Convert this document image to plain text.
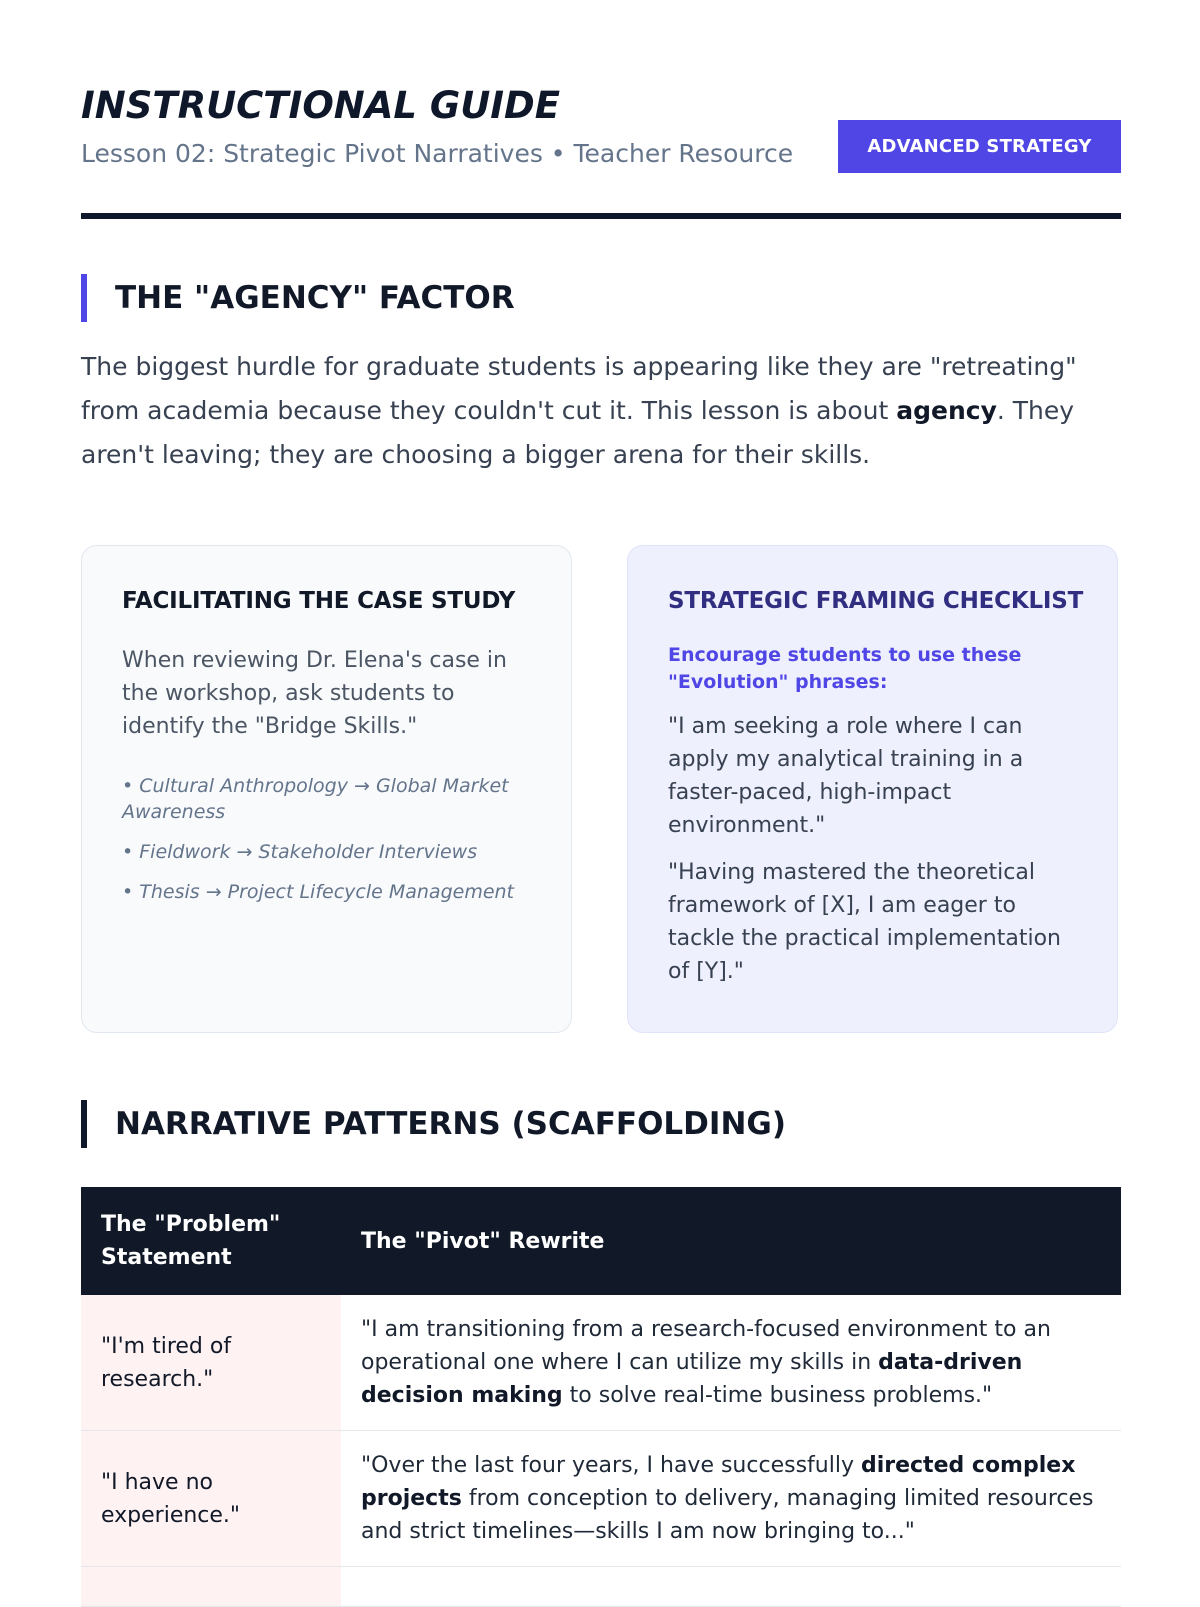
INSTRUCTIONAL GUIDE
Lesson 02: Strategic Pivot Narratives • Teacher Resource	ADVANCED STRATEGY
THE "AGENCY" FACTOR

The biggest hurdle for graduate students is appearing like they are "retreating" from academia because they couldn't cut it. This lesson is about agency. They aren't leaving; they are choosing a bigger arena for their skills.

FACILITATING THE CASE STUDY

When reviewing Dr. Elena's case in the workshop, ask students to identify the "Bridge Skills."

• Cultural Anthropology → Global Market Awareness
• Fieldwork → Stakeholder Interviews
• Thesis → Project Lifecycle Management
STRATEGIC FRAMING CHECKLIST

Encourage students to use these "Evolution" phrases:

"I am seeking a role where I can apply my analytical training in a faster-paced, high-impact environment."

"Having mastered the theoretical framework of [X], I am eager to tackle the practical implementation of [Y]."

NARRATIVE PATTERNS (SCAFFOLDING)
The "Problem" Statement	The "Pivot" Rewrite
"I'm tired of research."	"I am transitioning from a research-focused environment to an operational one where I can utilize my skills in data-driven decision making to solve real-time business problems."
"I have no experience."	"Over the last four years, I have successfully directed complex projects from conception to delivery, managing limited resources and strict timelines—skills I am now bringing to..."
